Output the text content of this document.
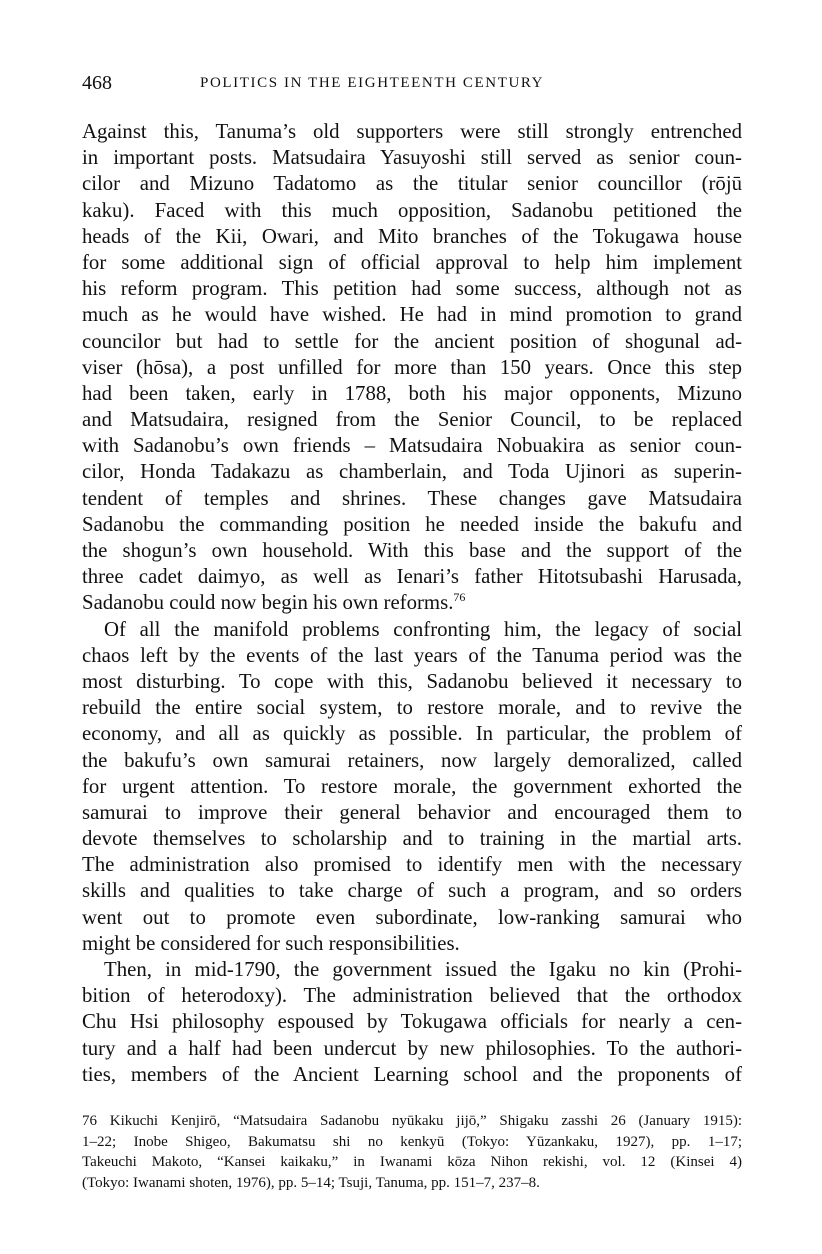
468	POLITICS IN THE EIGHTEENTH CENTURY
Against this, Tanuma’s old supporters were still strongly entrenched
in important posts. Matsudaira Yasuyoshi still served as senior coun-
cilor and Mizuno Tadatomo as the titular senior councillor (rōjū
kaku). Faced with this much opposition, Sadanobu petitioned the
heads of the Kii, Owari, and Mito branches of the Tokugawa house
for some additional sign of official approval to help him implement
his reform program. This petition had some success, although not as
much as he would have wished. He had in mind promotion to grand
councilor but had to settle for the ancient position of shogunal ad-
viser (hōsa), a post unfilled for more than 150 years. Once this step
had been taken, early in 1788, both his major opponents, Mizuno
and Matsudaira, resigned from the Senior Council, to be replaced
with Sadanobu’s own friends – Matsudaira Nobuakira as senior coun-
cilor, Honda Tadakazu as chamberlain, and Toda Ujinori as superin-
tendent of temples and shrines. These changes gave Matsudaira
Sadanobu the commanding position he needed inside the bakufu and
the shogun’s own household. With this base and the support of the
three cadet daimyo, as well as Ienari’s father Hitotsubashi Harusada,
Sadanobu could now begin his own reforms.$^{76}$
Of all the manifold problems confronting him, the legacy of social
chaos left by the events of the last years of the Tanuma period was the
most disturbing. To cope with this, Sadanobu believed it necessary to
rebuild the entire social system, to restore morale, and to revive the
economy, and all as quickly as possible. In particular, the problem of
the bakufu’s own samurai retainers, now largely demoralized, called
for urgent attention. To restore morale, the government exhorted the
samurai to improve their general behavior and encouraged them to
devote themselves to scholarship and to training in the martial arts.
The administration also promised to identify men with the necessary
skills and qualities to take charge of such a program, and so orders
went out to promote even subordinate, low-ranking samurai who
might be considered for such responsibilities.
Then, in mid-1790, the government issued the Igaku no kin (Prohi-
bition of heterodoxy). The administration believed that the orthodox
Chu Hsi philosophy espoused by Tokugawa officials for nearly a cen-
tury and a half had been undercut by new philosophies. To the authori-
ties, members of the Ancient Learning school and the proponents of
76 Kikuchi Kenjirō, “Matsudaira Sadanobu nyūkaku jijō,” Shigaku zasshi 26 (January 1915):
1–22; Inobe Shigeo, Bakumatsu shi no kenkyū (Tokyo: Yūzankaku, 1927), pp. 1–17;
Takeuchi Makoto, “Kansei kaikaku,” in Iwanami kōza Nihon rekishi, vol. 12 (Kinsei 4)
(Tokyo: Iwanami shoten, 1976), pp. 5–14; Tsuji, Tanuma, pp. 151–7, 237–8.
